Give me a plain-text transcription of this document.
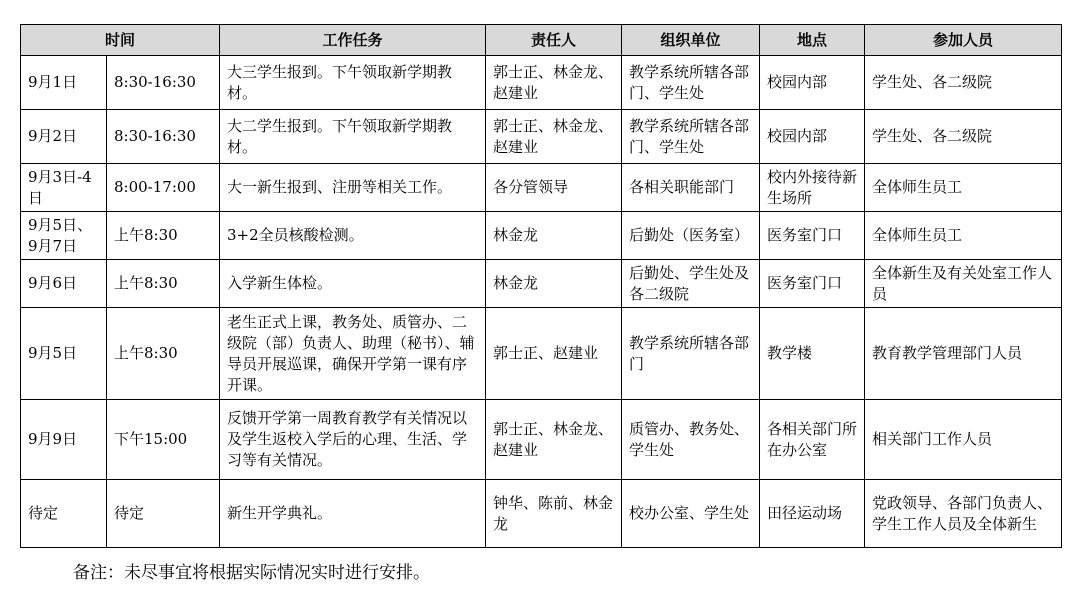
时间		工作任务	责任人	组织单位	地点	参加人员
9月1日	8:30-16:30	大三学生报到。下午领取新学期教材。	郭士正、林金龙、赵建业	教学系统所辖各部门、学生处	校园内部	学生处、各二级院
9月2日	8:30-16:30	大二学生报到。下午领取新学期教材。	郭士正、林金龙、赵建业	教学系统所辖各部门、学生处	校园内部	学生处、各二级院
9月3日-4日	8:00-17:00	大一新生报到、注册等相关工作。	各分管领导	各相关职能部门	校内外接待新生场所	全体师生员工
9月5日、9月7日	上午8:30	3+2全员核酸检测。	林金龙	后勤处（医务室）	医务室门口	全体师生员工
9月6日	上午8:30	入学新生体检。	林金龙	后勤处、学生处及各二级院	医务室门口	全体新生及有关处室工作人员
9月5日	上午8:30	老生正式上课，教务处、质管办、二级院（部）负责人、助理（秘书）、辅导员开展巡课，确保开学第一课有序开课。	郭士正、赵建业	教学系统所辖各部门	教学楼	教育教学管理部门人员
9月9日	下午15:00	反馈开学第一周教育教学有关情况以及学生返校入学后的心理、生活、学习等有关情况。	郭士正、林金龙、赵建业	质管办、教务处、学生处	各相关部门所在办公室	相关部门工作人员
待定	待定	新生开学典礼。	钟华、陈前、林金龙	校办公室、学生处	田径运动场	党政领导、各部门负责人、学生工作人员及全体新生
备注：未尽事宜将根据实际情况实时进行安排。
